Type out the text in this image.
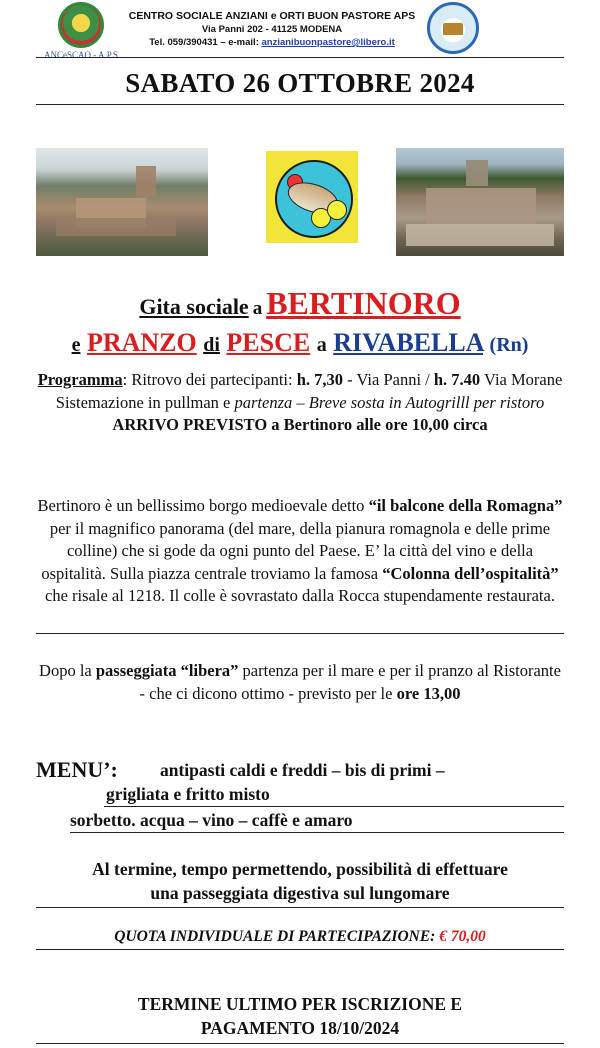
ANCeSCAO - A.P.S.
CENTRO SOCIALE ANZIANI e ORTI BUON PASTORE APS
Via Panni 202 - 41125 MODENA
Tel. 059/390431 – e-mail: anzianibuonpastore@libero.it
SABATO 26 OTTOBRE 2024
Gita sociale a BERTINORO
e PRANZO di PESCE a RIVABELLA (Rn)
Programma: Ritrovo dei partecipanti: h. 7,30 - Via Panni / h. 7.40 Via Morane
Sistemazione in pullman e partenza – Breve sosta in Autogrilll per ristoro
ARRIVO PREVISTO a Bertinoro alle ore 10,00 circa
Bertinoro è un bellissimo borgo medioevale detto “il balcone della Romagna” per il magnifico panorama (del mare, della pianura romagnola e delle prime colline) che si gode da ogni punto del Paese. E’ la città del vino e della ospitalità. Sulla piazza centrale troviamo la famosa “Colonna dell’ospitalità” che risale al 1218. Il colle è sovrastato dalla Rocca stupendamente restaurata.
Dopo la passeggiata “libera” partenza per il mare e per il pranzo al Ristorante
- che ci dicono ottimo - previsto per le ore 13,00
MENU’: antipasti caldi e freddi – bis di primi –
grigliata e fritto misto
sorbetto. acqua – vino – caffè e amaro
Al termine, tempo permettendo, possibilità di effettuare
una passeggiata digestiva sul lungomare
QUOTA INDIVIDUALE DI PARTECIPAZIONE: € 70,00
TERMINE ULTIMO PER ISCRIZIONE E
PAGAMENTO 18/10/2024
